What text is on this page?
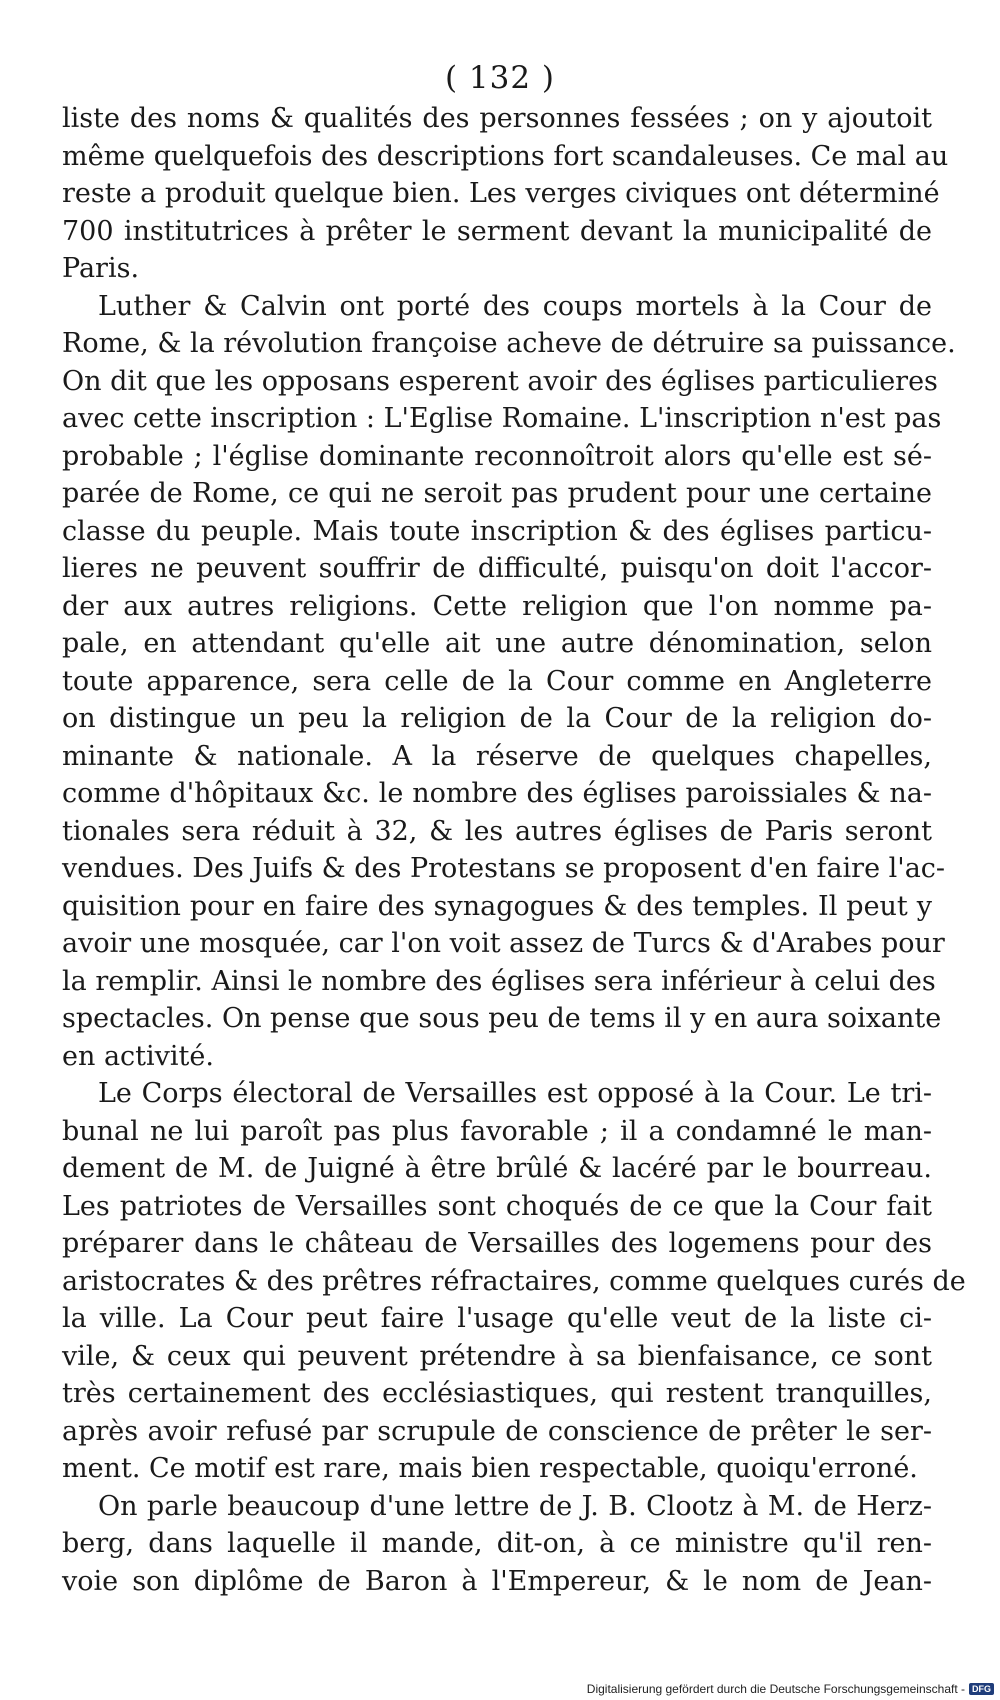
( 132 )
liste des noms & qualités des personnes fessées ; on y ajoutoit
même quelquefois des descriptions fort scandaleuses. Ce mal au
reste a produit quelque bien. Les verges civiques ont déterminé
700 institutrices à prêter le serment devant la municipalité de
Paris.
Luther & Calvin ont porté des coups mortels à la Cour de
Rome, & la révolution françoise acheve de détruire sa puissance.
On dit que les opposans esperent avoir des églises particulieres
avec cette inscription : L'Eglise Romaine. L'inscription n'est pas
probable ; l'église dominante reconnoîtroit alors qu'elle est sé-
parée de Rome, ce qui ne seroit pas prudent pour une certaine
classe du peuple. Mais toute inscription & des églises particu-
lieres ne peuvent souffrir de difficulté, puisqu'on doit l'accor-
der aux autres religions. Cette religion que l'on nomme pa-
pale, en attendant qu'elle ait une autre dénomination, selon
toute apparence, sera celle de la Cour comme en Angleterre
on distingue un peu la religion de la Cour de la religion do-
minante & nationale. A la réserve de quelques chapelles,
comme d'hôpitaux &c. le nombre des églises paroissiales & na-
tionales sera réduit à 32, & les autres églises de Paris seront
vendues. Des Juifs & des Protestans se proposent d'en faire l'ac-
quisition pour en faire des synagogues & des temples. Il peut y
avoir une mosquée, car l'on voit assez de Turcs & d'Arabes pour
la remplir. Ainsi le nombre des églises sera inférieur à celui des
spectacles. On pense que sous peu de tems il y en aura soixante
en activité.
Le Corps électoral de Versailles est opposé à la Cour. Le tri-
bunal ne lui paroît pas plus favorable ; il a condamné le man-
dement de M. de Juigné à être brûlé & lacéré par le bourreau.
Les patriotes de Versailles sont choqués de ce que la Cour fait
préparer dans le château de Versailles des logemens pour des
aristocrates & des prêtres réfractaires, comme quelques curés de
la ville. La Cour peut faire l'usage qu'elle veut de la liste ci-
vile, & ceux qui peuvent prétendre à sa bienfaisance, ce sont
très certainement des ecclésiastiques, qui restent tranquilles,
après avoir refusé par scrupule de conscience de prêter le ser-
ment. Ce motif est rare, mais bien respectable, quoiqu'erroné.
On parle beaucoup d'une lettre de J. B. Clootz à M. de Herz-
berg, dans laquelle il mande, dit-on, à ce ministre qu'il ren-
voie son diplôme de Baron à l'Empereur, & le nom de Jean-
Digitalisierung gefördert durch die Deutsche Forschungsgemeinschaft - DFG
